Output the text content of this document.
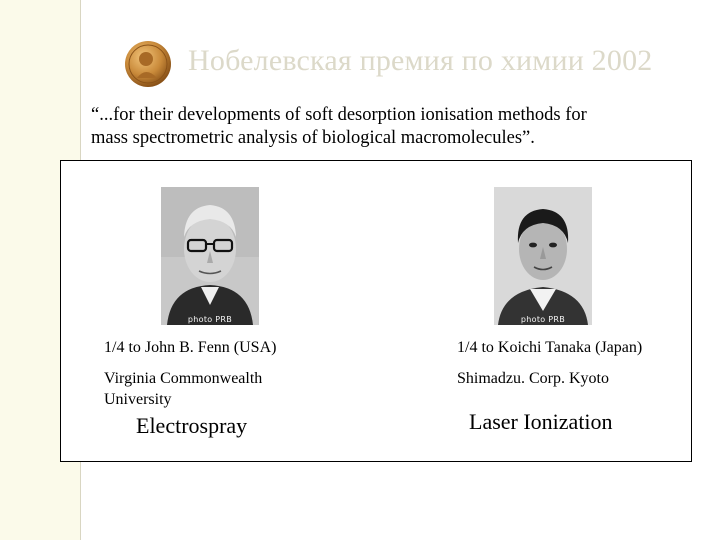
Нобелевская премия по химии 2002
“...for their developments of soft desorption ionisation methods for
mass spectrometric analysis of biological macromolecules”.
photo PRB	photo PRB
1/4 to John B. Fenn (USA)
Virginia Commonwealth
University
Electrospray
1/4 to Koichi Tanaka (Japan)
Shimadzu. Corp. Kyoto
Laser Ionization
